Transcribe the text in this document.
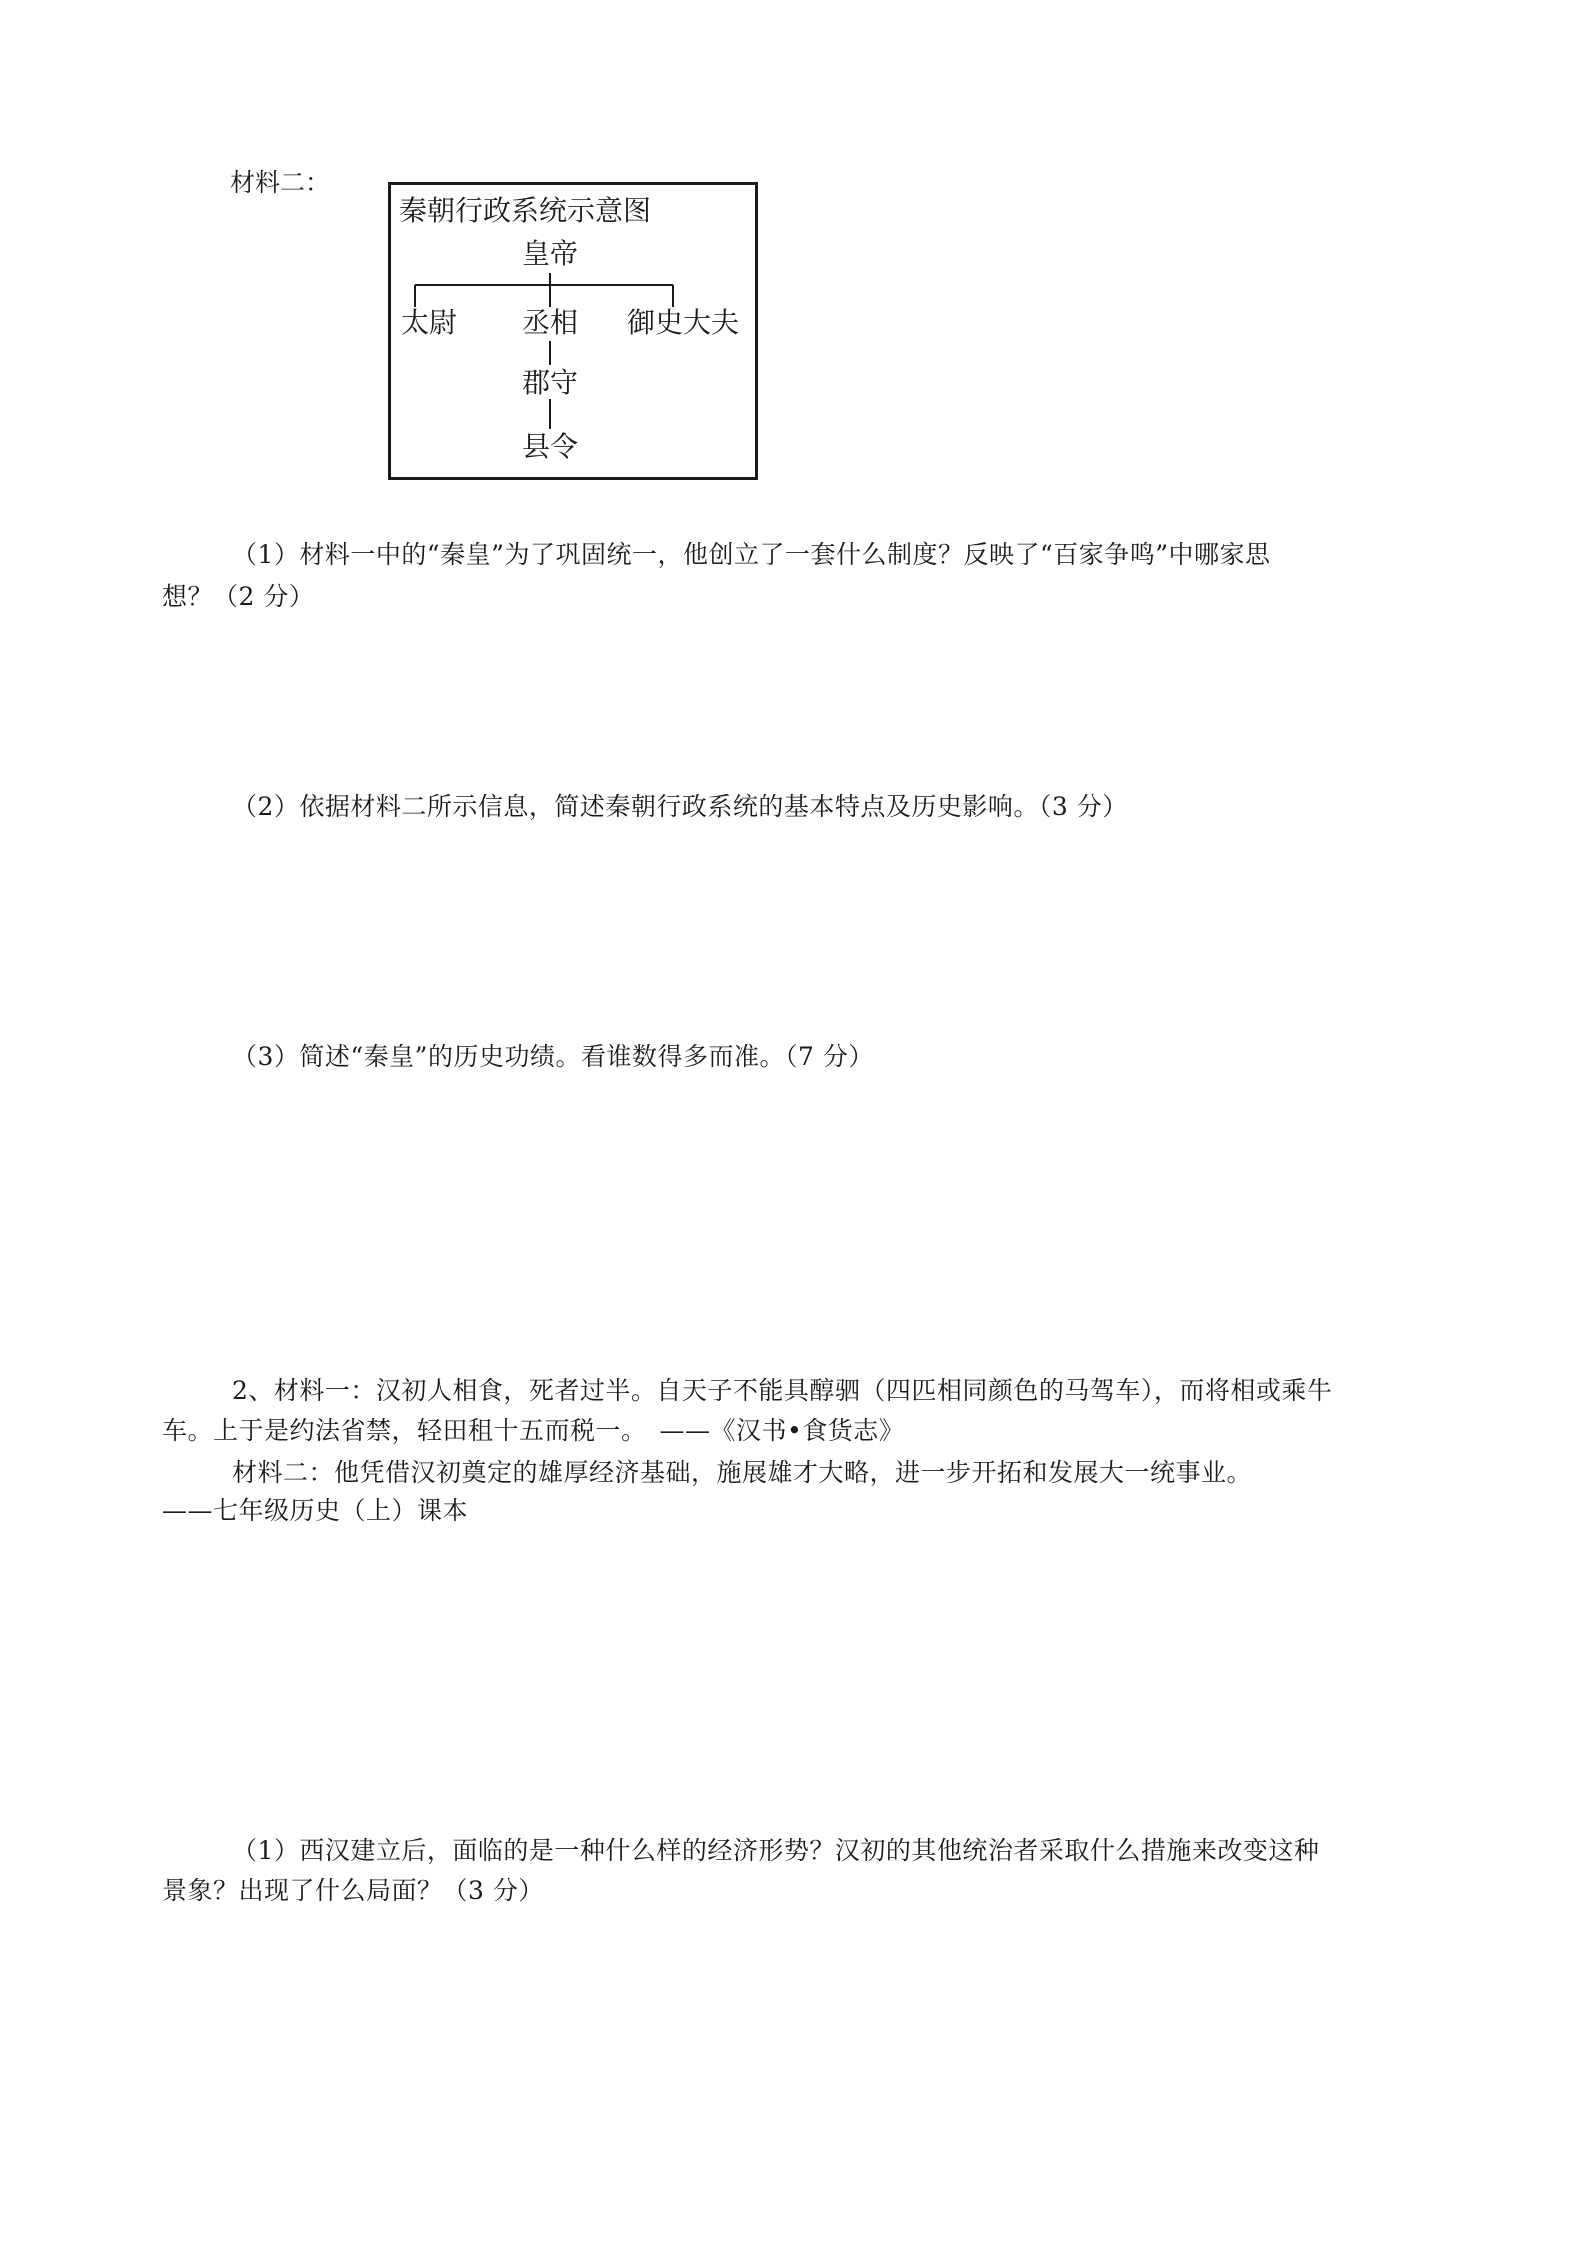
材料二：
秦朝行政系统示意图
皇帝
太尉 丞相 御史大夫
郡守
县令
（1）材料一中的“秦皇”为了巩固统一，他创立了一套什么制度？反映了“百家争鸣”中哪家思
想？（2 分）
（2）依据材料二所示信息，简述秦朝行政系统的基本特点及历史影响。（3 分）
（3）简述“秦皇”的历史功绩。看谁数得多而准。（7 分）
2、材料一：汉初人相食，死者过半。自天子不能具醇驷（四匹相同颜色的马驾车），而将相或乘牛
车。上于是约法省禁，轻田租十五而税一。　——《汉书•食货志》
材料二：他凭借汉初奠定的雄厚经济基础，施展雄才大略，进一步开拓和发展大一统事业。
——七年级历史（上）课本
（1）西汉建立后，面临的是一种什么样的经济形势？汉初的其他统治者采取什么措施来改变这种
景象？出现了什么局面？（3 分）
